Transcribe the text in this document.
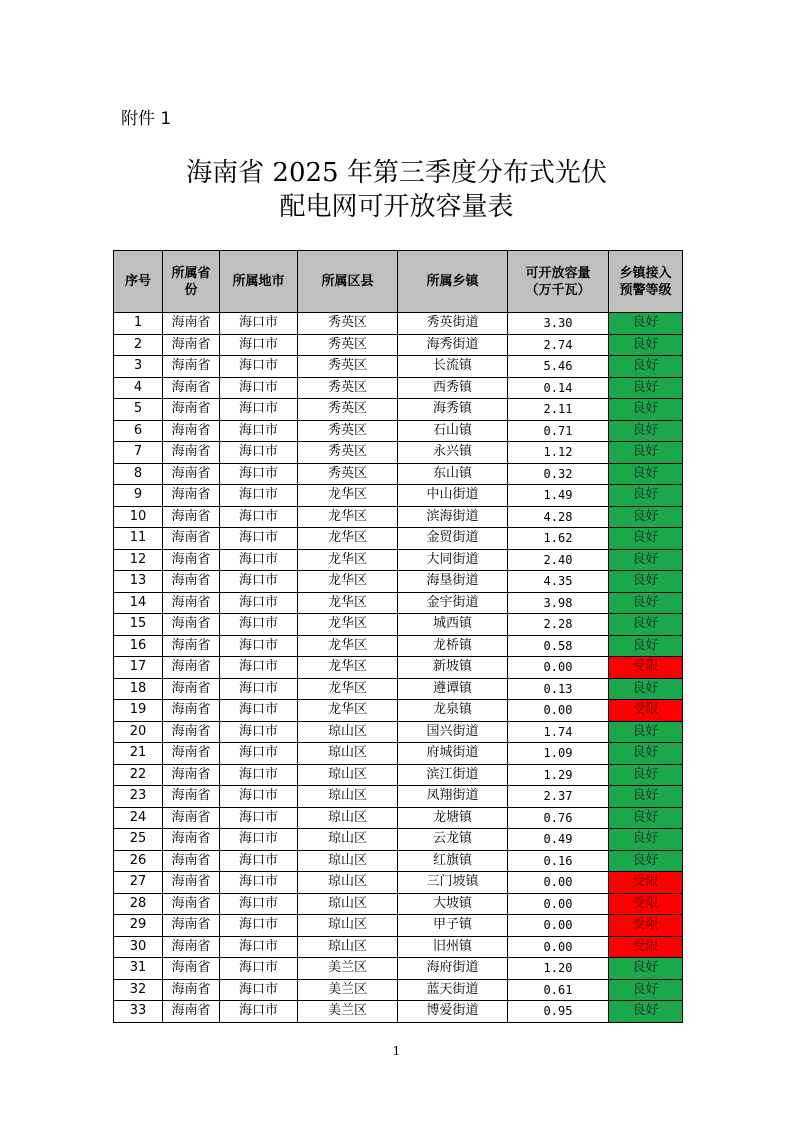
附件 1
海南省 2025 年第三季度分布式光伏
配电网可开放容量表
序号	所属省份	所属地市	所属区县	所属乡镇	可开放容量（万千瓦）	乡镇接入预警等级
1	海南省	海口市	秀英区	秀英街道	3.30	良好
2	海南省	海口市	秀英区	海秀街道	2.74	良好
3	海南省	海口市	秀英区	长流镇	5.46	良好
4	海南省	海口市	秀英区	西秀镇	0.14	良好
5	海南省	海口市	秀英区	海秀镇	2.11	良好
6	海南省	海口市	秀英区	石山镇	0.71	良好
7	海南省	海口市	秀英区	永兴镇	1.12	良好
8	海南省	海口市	秀英区	东山镇	0.32	良好
9	海南省	海口市	龙华区	中山街道	1.49	良好
10	海南省	海口市	龙华区	滨海街道	4.28	良好
11	海南省	海口市	龙华区	金贸街道	1.62	良好
12	海南省	海口市	龙华区	大同街道	2.40	良好
13	海南省	海口市	龙华区	海垦街道	4.35	良好
14	海南省	海口市	龙华区	金宇街道	3.98	良好
15	海南省	海口市	龙华区	城西镇	2.28	良好
16	海南省	海口市	龙华区	龙桥镇	0.58	良好
17	海南省	海口市	龙华区	新坡镇	0.00	受限
18	海南省	海口市	龙华区	遵谭镇	0.13	良好
19	海南省	海口市	龙华区	龙泉镇	0.00	受限
20	海南省	海口市	琼山区	国兴街道	1.74	良好
21	海南省	海口市	琼山区	府城街道	1.09	良好
22	海南省	海口市	琼山区	滨江街道	1.29	良好
23	海南省	海口市	琼山区	凤翔街道	2.37	良好
24	海南省	海口市	琼山区	龙塘镇	0.76	良好
25	海南省	海口市	琼山区	云龙镇	0.49	良好
26	海南省	海口市	琼山区	红旗镇	0.16	良好
27	海南省	海口市	琼山区	三门坡镇	0.00	受限
28	海南省	海口市	琼山区	大坡镇	0.00	受限
29	海南省	海口市	琼山区	甲子镇	0.00	受限
30	海南省	海口市	琼山区	旧州镇	0.00	受限
31	海南省	海口市	美兰区	海府街道	1.20	良好
32	海南省	海口市	美兰区	蓝天街道	0.61	良好
33	海南省	海口市	美兰区	博爱街道	0.95	良好
1
